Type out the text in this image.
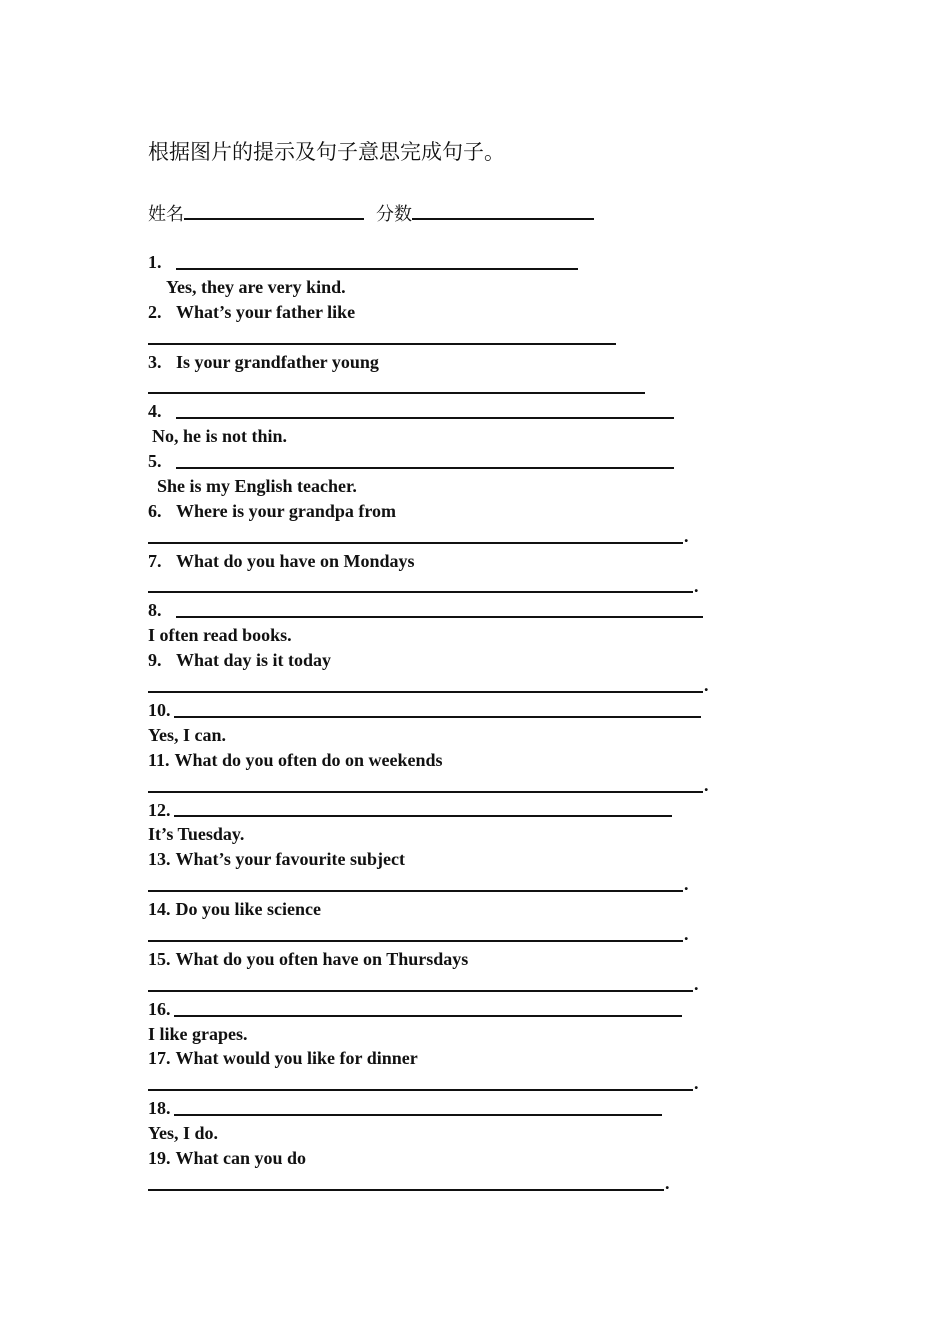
根据图片的提示及句子意思完成句子。
姓名	分数
1.
Yes, they are very kind.
2. What’s your father like
3. Is your grandfather young
4.
No, he is not thin.
5.
She is my English teacher.
6. Where is your grandpa from
.
7. What do you have on Mondays
.
8.
I often read books.
9. What day is it today
.
10.
Yes, I can.
11. What do you often do on weekends
.
12.
It’s Tuesday.
13. What’s your favourite subject
.
14. Do you like science
.
15. What do you often have on Thursdays
.
16.
I like grapes.
17. What would you like for dinner
.
18.
Yes, I do.
19. What can you do
.
